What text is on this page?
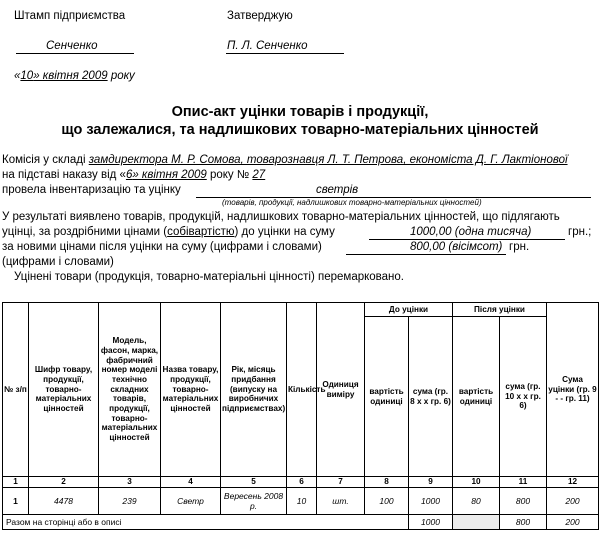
Штамп підприємства	Затверджую
Сенченко	П. Л. Сенченко
«10» квітня 2009 року
Опис-акт уцінки товарів і продукції,
що залежалися, та надлишкових товарно-матеріальних цінностей
Комісія у складі замдиректора М. Р. Сомова, товарознавця Л. Т. Петрова, економіста Д. Г. Лактіонової
на підставі наказу від «6» квітня 2009 року № 27
провела інвентаризацію та уцінку	светрів
(товарів, продукції, надлишкових товарно-матеріальних цінностей)
У результаті виявлено товарів, продукцій, надлишкових товарно-матеріальних цінностей, що підлягають
уцінці, за роздрібними цінами (собівартістю) до уцінки на суму	1000,00 (одна тисяча)	грн.;
за новими цінами після уцінки на суму (цифрами і словами)	800,00 (вісімсот) грн.
(цифрами і словами)
Уцінені товари (продукція, товарно-матеріальні цінності) перемарковано.
№ з/п	Шифр товару, продукції, товарно-матеріальних цінностей	Модель, фасон, марка, фабричний номер моделі технічно складних товарів, продукції, товарно-матеріальних цінностей	Назва товару, продукції, товарно-матеріальних цінностей	Рік, місяць придбання (випуску на виробничих підприємствах)	Кількість	Одиниця виміру	До уцінки		Після уцінки		Сума уцінки (гр. 9 - - гр. 11)
							вартість одиниці	сума (гр. 8 х х гр. 6)	вартість одиниці	сума (гр. 10 х х гр. 6)	
1	2	3	4	5	6	7	8	9	10	11	12
1	4478	239	Светр	Вересень 2008 р.	10	шт.	100	1000	80	800	200
Разом на сторінці або в описі								1000		800	200
